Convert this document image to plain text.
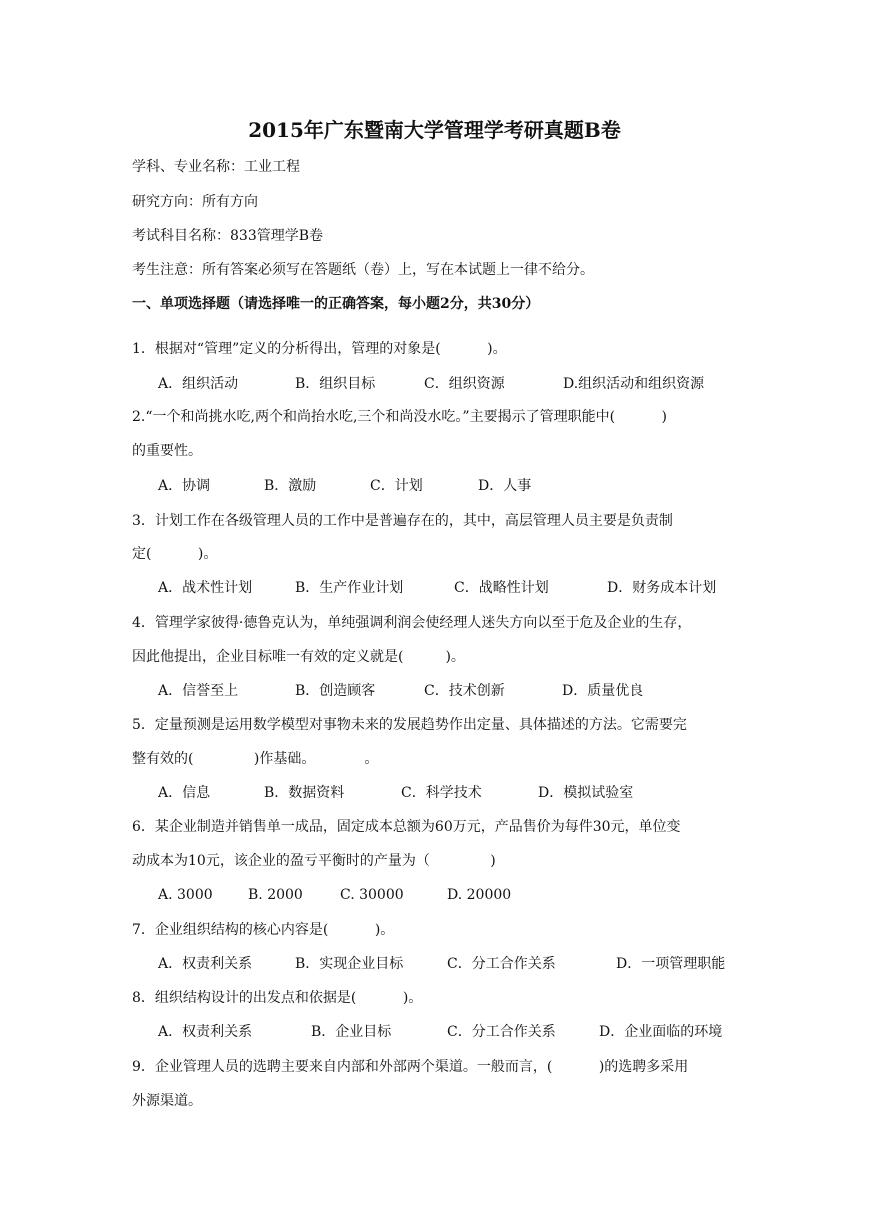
2015年广东暨南大学管理学考研真题B卷
学科、专业名称：工业工程
研究方向：所有方向
考试科目名称：833管理学B卷
考生注意：所有答案必须写在答题纸（卷）上，写在本试题上一律不给分。
一、单项选择题（请选择唯一的正确答案，每小题2分，共30分）
1．根据对“管理”定义的分析得出，管理的对象是(　　　 )。

A．组织活动

	B．组织目标

	C．组织资源

	D.组织活动和组织资源

2.“一个和尚挑水吃,两个和尚抬水吃,三个和尚没水吃。”主要揭示了管理职能中(　　　 )
的重要性。

A．协调

	B．激励

	C．计划

	D．人事

3．计划工作在各级管理人员的工作中是普遍存在的，其中，高层管理人员主要是负责制
定(　　　 )。

A．战术性计划

	B．生产作业计划

	C．战略性计划

	D．财务成本计划

4．管理学家彼得·德鲁克认为，单纯强调利润会使经理人迷失方向以至于危及企业的生存，
因此他提出，企业目标唯一有效的定义就是(　　　)。

A．信誉至上

	B．创造顾客

	C．技术创新

	D．质量优良

5．定量预测是运用数学模型对事物未来的发展趋势作出定量、具体描述的方法。它需要完
整有效的(　　　　 )作基础。　　　　。

A．信息

	B．数据资料

	C．科学技术

	D．模拟试验室

6．某企业制造并销售单一成品，固定成本总额为60万元，产品售价为每件30元，单位变
动成本为10元，该企业的盈亏平衡时的产量为（　　　　 )

A. 3000

	B. 2000

	C. 30000

	D. 20000

7．企业组织结构的核心内容是(　　　 )。

A．权责利关系

	B．实现企业目标

	C．分工合作关系

	D．一项管理职能

8．组织结构设计的出发点和依据是(　　　 )。

A．权责利关系

	B．企业目标

	C．分工合作关系

	D．企业面临的环境

9．企业管理人员的选聘主要来自内部和外部两个渠道。一般而言，(　　　 )的选聘多采用
外源渠道。
